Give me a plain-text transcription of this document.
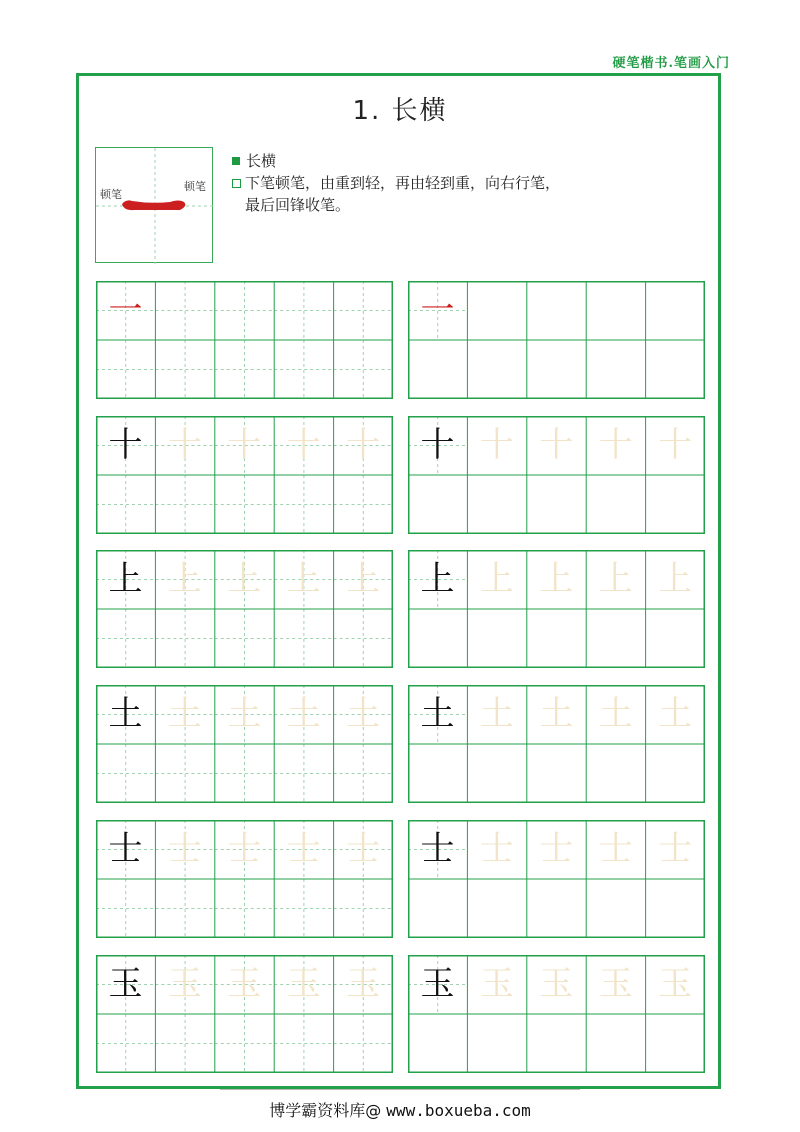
硬笔楷书.笔画入门
1. 长横
顿笔
顿笔
长横
下笔顿笔，由重到轻，再由轻到重，向右行笔，
最后回锋收笔。
一	一
十 十 十 十 十	十 十 十 十 十
上 上 上 上 上	上 上 上 上 上
土 土 土 土 土	土 土 土 土 土
士 士 士 士 士	士 士 士 士 士
玉 玉 玉 玉 玉	玉 玉 玉 玉 玉
博学霸资料库@ www.boxueba.com
